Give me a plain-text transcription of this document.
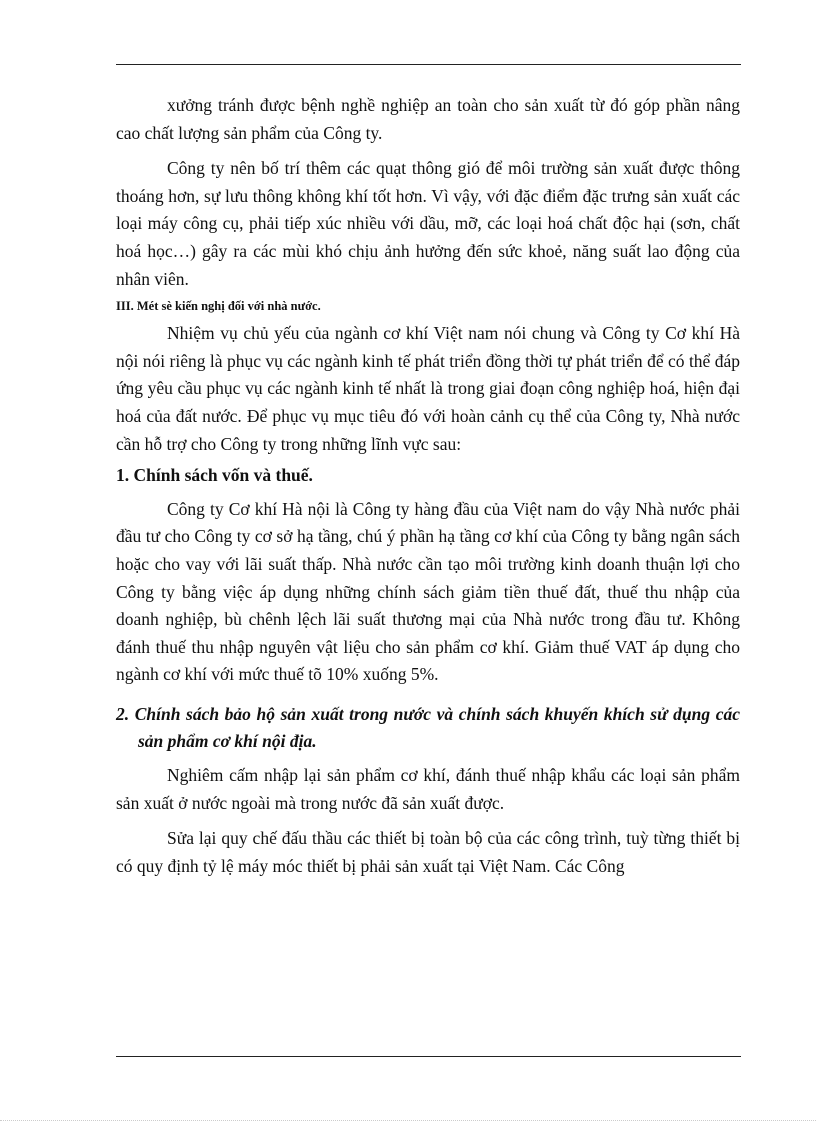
xưởng tránh được bệnh nghề nghiệp an toàn cho sản xuất từ đó góp phần nâng cao chất lượng sản phẩm của Công ty.

Công ty nên bố trí thêm các quạt thông gió để môi trường sản xuất được thông thoáng hơn, sự lưu thông không khí tốt hơn. Vì vậy, với đặc điểm đặc trưng sản xuất các loại máy công cụ, phải tiếp xúc nhiều với dầu, mỡ, các loại hoá chất độc hại (sơn, chất hoá học…) gây ra các mùi khó chịu ảnh hưởng đến sức khoẻ, năng suất lao động của nhân viên.

III. Mét sè kiến nghị đối với nhà nước.

Nhiệm vụ chủ yếu của ngành cơ khí Việt nam nói chung và Công ty Cơ khí Hà nội nói riêng là phục vụ các ngành kinh tế phát triển đồng thời tự phát triển để có thể đáp ứng yêu cầu phục vụ các ngành kinh tế nhất là trong giai đoạn công nghiệp hoá, hiện đại hoá của đất nước. Để phục vụ mục tiêu đó với hoàn cảnh cụ thể của Công ty, Nhà nước cần hỗ trợ cho Công ty trong những lĩnh vực sau:

1. Chính sách vốn và thuế.

Công ty Cơ khí Hà nội là Công ty hàng đầu của Việt nam do vậy Nhà nước phải đầu tư cho Công ty cơ sở hạ tầng, chú ý phần hạ tầng cơ khí của Công ty bằng ngân sách hoặc cho vay với lãi suất thấp. Nhà nước cần tạo môi trường kinh doanh thuận lợi cho Công ty bằng việc áp dụng những chính sách giảm tiền thuế đất, thuế thu nhập của doanh nghiệp, bù chênh lệch lãi suất thương mại của Nhà nước trong đầu tư. Không đánh thuế thu nhập nguyên vật liệu cho sản phẩm cơ khí. Giảm thuế VAT áp dụng cho ngành cơ khí với mức thuế tõ 10% xuống 5%.

2. Chính sách bảo hộ sản xuất trong nước và chính sách khuyến khích sử dụng các sản phẩm cơ khí nội địa.

Nghiêm cấm nhập lại sản phẩm cơ khí, đánh thuế nhập khẩu các loại sản phẩm sản xuất ở nước ngoài mà trong nước đã sản xuất được.

Sửa lại quy chế đấu thầu các thiết bị toàn bộ của các công trình, tuỳ từng thiết bị có quy định tỷ lệ máy móc thiết bị phải sản xuất tại Việt Nam. Các Công
